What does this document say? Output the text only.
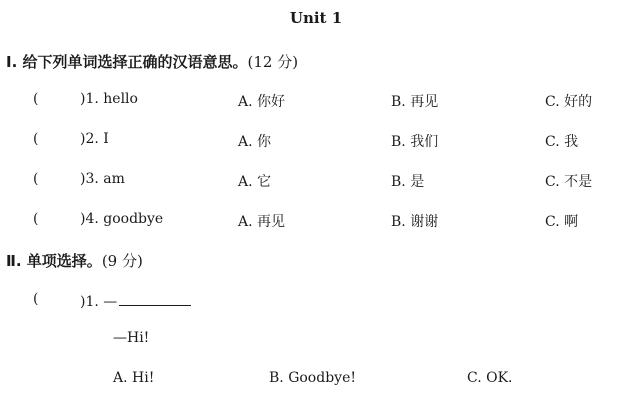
Unit 1
Ⅰ. 给下列单词选择正确的汉语意思。(12 分)
(	)1. hello	A. 你好	B. 再见	C. 好的
(	)2. I	A. 你	B. 我们	C. 我
(	)3. am	A. 它	B. 是	C. 不是
(	)4. goodbye	A. 再见	B. 谢谢	C. 啊
Ⅱ. 单项选择。(9 分)
(	)1. —
—Hi!
A. Hi!	B. Goodbye!	C. OK.
